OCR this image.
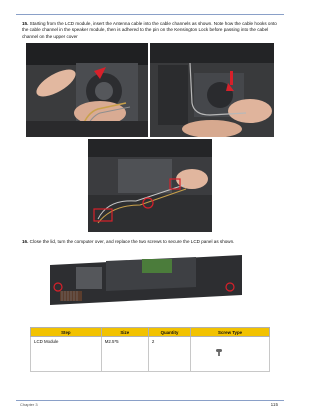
15. Starting from the LCD module, insert the Antenna cable into the cable channels as shown. Note how the cable hooks onto the cable channel in the speaker module, then is adhered to the pin on the Kensington Lock before passing into the cabel channel on the upper cover
16. Close the lid, turn the computer over, and replace the two screws to secure the LCD panel as shown.
Step	Size	Quantity	Screw Type
LCD Module	M2.5*5	2	
Chapter 3	115
